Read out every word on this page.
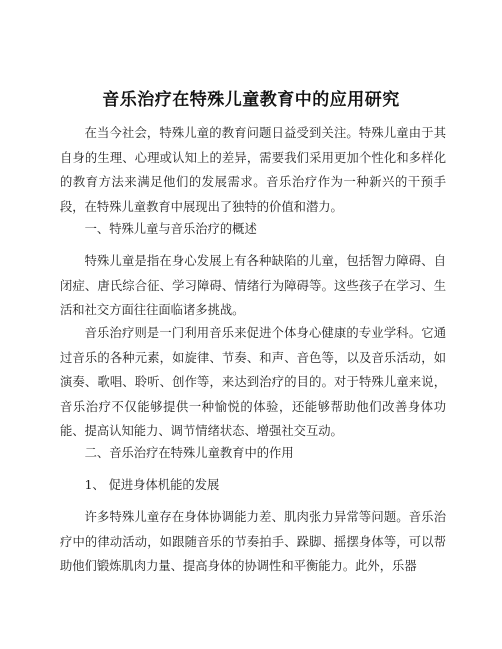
音乐治疗在特殊儿童教育中的应用研究

在当今社会，特殊儿童的教育问题日益受到关注。特殊儿童由于其自身的生理、心理或认知上的差异，需要我们采用更加个性化和多样化的教育方法来满足他们的发展需求。音乐治疗作为一种新兴的干预手段，在特殊儿童教育中展现出了独特的价值和潜力。

一、特殊儿童与音乐治疗的概述

特殊儿童是指在身心发展上有各种缺陷的儿童，包括智力障碍、自闭症、唐氏综合征、学习障碍、情绪行为障碍等。这些孩子在学习、生活和社交方面往往面临诸多挑战。

音乐治疗则是一门利用音乐来促进个体身心健康的专业学科。它通过音乐的各种元素，如旋律、节奏、和声、音色等，以及音乐活动，如演奏、歌唱、聆听、创作等，来达到治疗的目的。对于特殊儿童来说，音乐治疗不仅能够提供一种愉悦的体验，还能够帮助他们改善身体功能、提高认知能力、调节情绪状态、增强社交互动。

二、音乐治疗在特殊儿童教育中的作用

1、 促进身体机能的发展

许多特殊儿童存在身体协调能力差、肌肉张力异常等问题。音乐治疗中的律动活动，如跟随音乐的节奏拍手、跺脚、摇摆身体等，可以帮助他们锻炼肌肉力量、提高身体的协调性和平衡能力。此外，乐器
